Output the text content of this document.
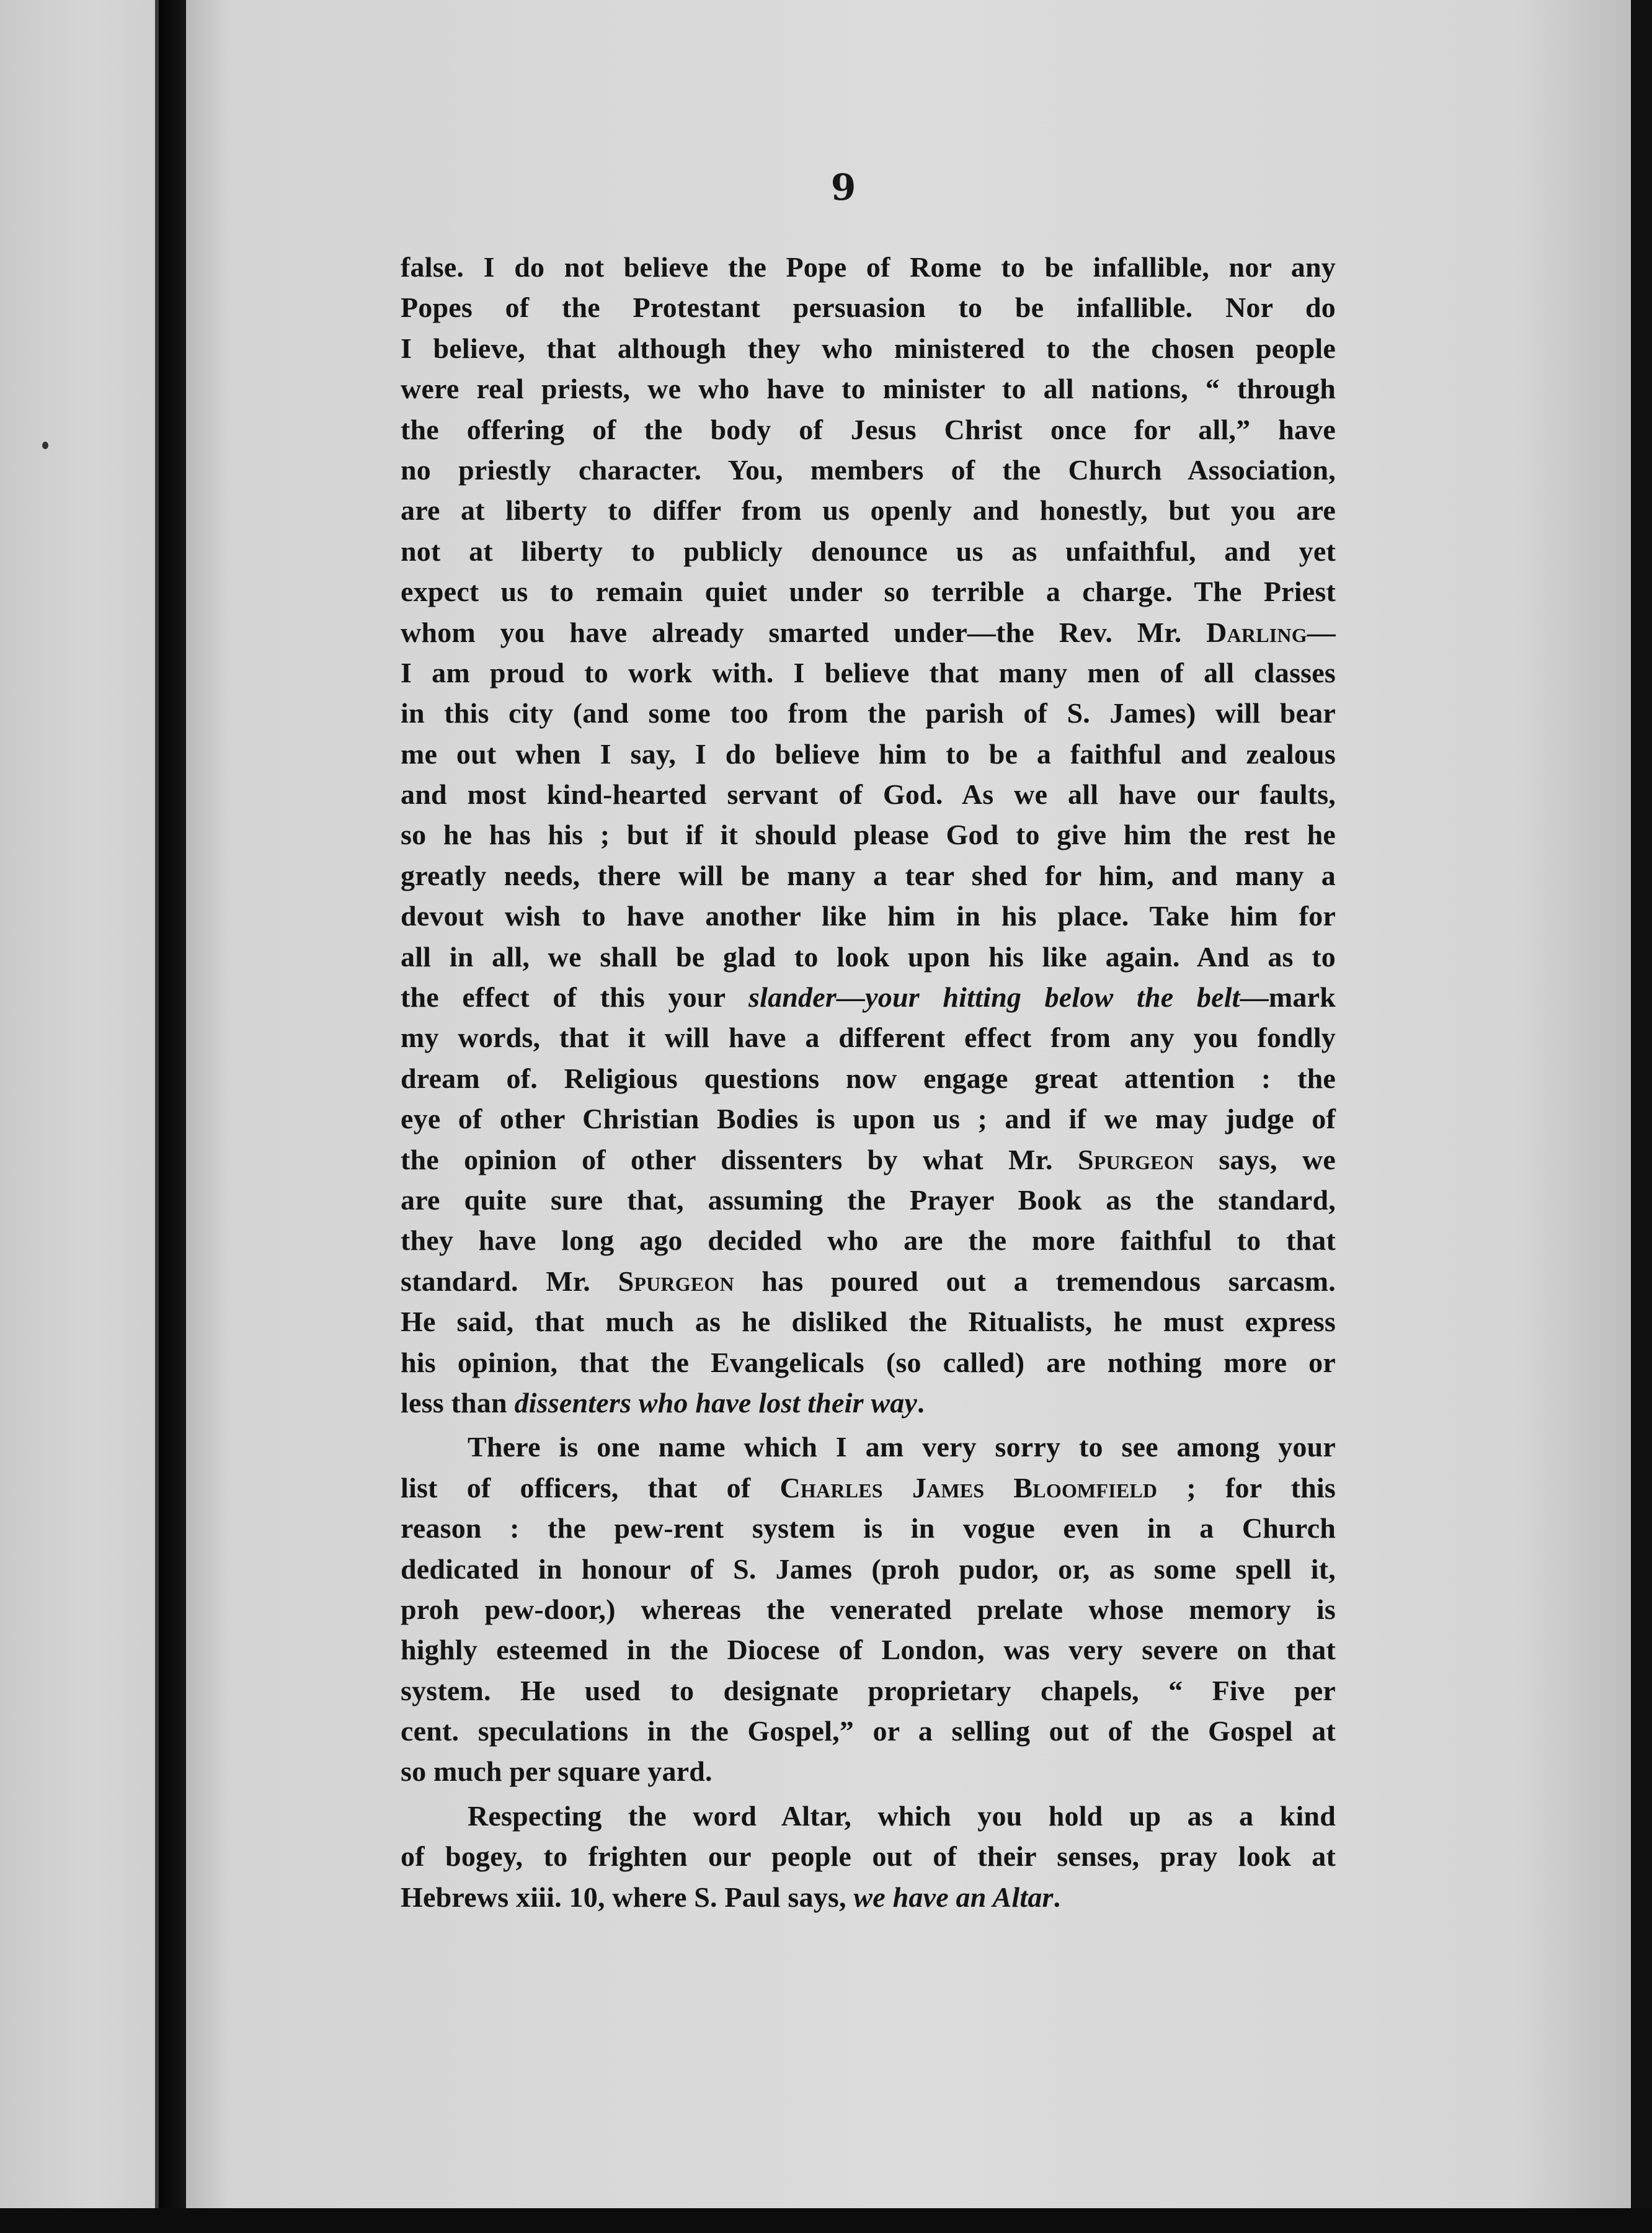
9
false. I do not believe the Pope of Rome to be infallible, nor any
Popes of the Protestant persuasion to be infallible. Nor do
I believe, that although they who ministered to the chosen people
were real priests, we who have to minister to all nations, “ through
the offering of the body of Jesus Christ once for all,” have
no priestly character. You, members of the Church Association,
are at liberty to differ from us openly and honestly, but you are
not at liberty to publicly denounce us as unfaithful, and yet
expect us to remain quiet under so terrible a charge. The Priest
whom you have already smarted under—the Rev. Mr. Darling—
I am proud to work with. I believe that many men of all classes
in this city (and some too from the parish of S. James) will bear
me out when I say, I do believe him to be a faithful and zealous
and most kind-hearted servant of God. As we all have our faults,
so he has his ; but if it should please God to give him the rest he
greatly needs, there will be many a tear shed for him, and many a
devout wish to have another like him in his place. Take him for
all in all, we shall be glad to look upon his like again. And as to
the effect of this your slander—your hitting below the belt—mark
my words, that it will have a different effect from any you fondly
dream of. Religious questions now engage great attention : the
eye of other Christian Bodies is upon us ; and if we may judge of
the opinion of other dissenters by what Mr. Spurgeon says, we
are quite sure that, assuming the Prayer Book as the standard,
they have long ago decided who are the more faithful to that
standard. Mr. Spurgeon has poured out a tremendous sarcasm.
He said, that much as he disliked the Ritualists, he must express
his opinion, that the Evangelicals (so called) are nothing more or
less than dissenters who have lost their way.
There is one name which I am very sorry to see among your
list of officers, that of Charles James Bloomfield ; for this
reason : the pew-rent system is in vogue even in a Church
dedicated in honour of S. James (proh pudor, or, as some spell it,
proh pew-door,) whereas the venerated prelate whose memory is
highly esteemed in the Diocese of London, was very severe on that
system. He used to designate proprietary chapels, “ Five per
cent. speculations in the Gospel,” or a selling out of the Gospel at
so much per square yard.
Respecting the word Altar, which you hold up as a kind
of bogey, to frighten our people out of their senses, pray look at
Hebrews xiii. 10, where S. Paul says, we have an Altar.
